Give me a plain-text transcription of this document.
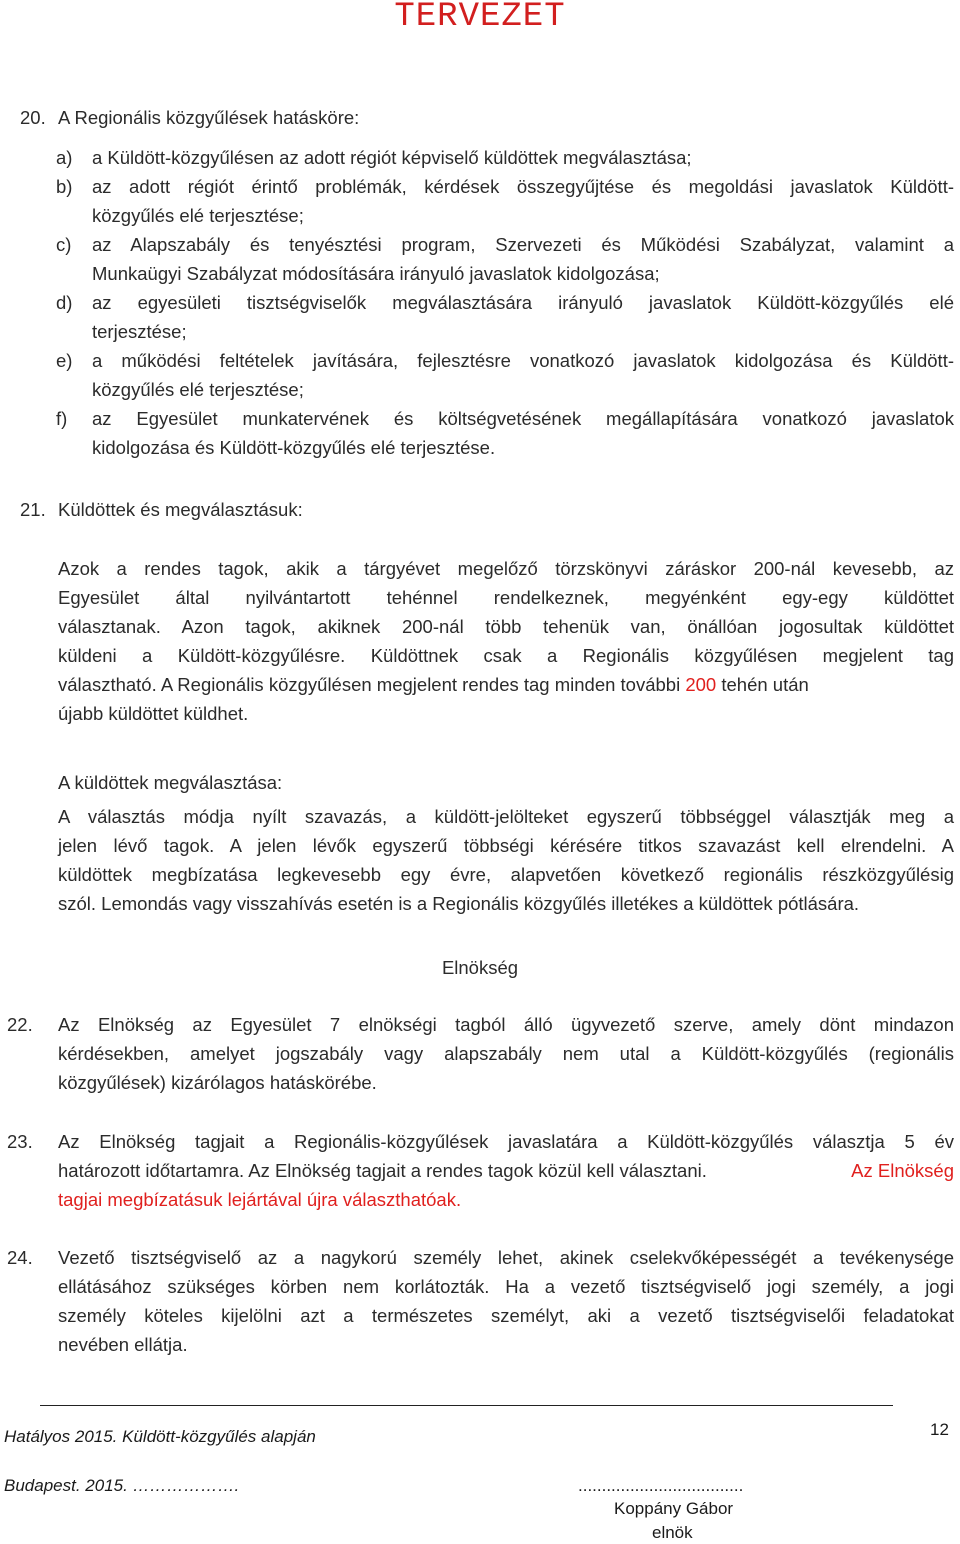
TERVEZET
20. A Regionális közgyűlések hatásköre:
a) a Küldött-közgyűlésen az adott régiót képviselő küldöttek megválasztása;
b) az adott régiót érintő problémák, kérdések összegyűjtése és megoldási javaslatok Küldött-
közgyűlés elé terjesztése;
c) az Alapszabály és tenyésztési program, Szervezeti és Működési Szabályzat, valamint a
Munkaügyi Szabályzat módosítására irányuló javaslatok kidolgozása;
d) az egyesületi tisztségviselők megválasztására irányuló javaslatok Küldött-közgyűlés elé
terjesztése;
e) a működési feltételek javítására, fejlesztésre vonatkozó javaslatok kidolgozása és Küldött-
közgyűlés elé terjesztése;
f) az Egyesület munkatervének és költségvetésének megállapítására vonatkozó javaslatok
kidolgozása és Küldött-közgyűlés elé terjesztése.
21. Küldöttek és megválasztásuk:
Azok a rendes tagok, akik a tárgyévet megelőző törzskönyvi záráskor 200-nál kevesebb, az
Egyesület által nyilvántartott tehénnel rendelkeznek, megyénként egy-egy küldöttet
választanak. Azon tagok, akiknek 200-nál több tehenük van, önállóan jogosultak küldöttet
küldeni a Küldött-közgyűlésre. Küldöttnek csak a Regionális közgyűlésen megjelent tag
választható. A Regionális közgyűlésen megjelent rendes tag minden további 200 tehén után
újabb küldöttet küldhet.
A küldöttek megválasztása:
A választás módja nyílt szavazás, a küldött-jelölteket egyszerű többséggel választják meg a
jelen lévő tagok. A jelen lévők egyszerű többségi kérésére titkos szavazást kell elrendelni. A
küldöttek megbízatása legkevesebb egy évre, alapvetően következő regionális részközgyűlésig
szól. Lemondás vagy visszahívás esetén is a Regionális közgyűlés illetékes a küldöttek pótlására.
Elnökség
22. Az Elnökség az Egyesület 7 elnökségi tagból álló ügyvezető szerve, amely dönt mindazon
kérdésekben, amelyet jogszabály vagy alapszabály nem utal a Küldött-közgyűlés (regionális
közgyűlések) kizárólagos hatáskörébe.
23. Az Elnökség tagjait a Regionális-közgyűlések javaslatára a Küldött-közgyűlés választja 5 év
határozott időtartamra. Az Elnökség tagjait a rendes tagok közül kell választani.	Az Elnökség
tagjai megbízatásuk lejártával újra választhatóak.
24. Vezető tisztségviselő az a nagykorú személy lehet, akinek cselekvőképességét a tevékenysége
ellátásához szükséges körben nem korlátozták. Ha a vezető tisztségviselő jogi személy, a jogi
személy köteles kijelölni azt a természetes személyt, aki a vezető tisztségviselői feladatokat
nevében ellátja.
Hatályos 2015. Küldött-közgyűlés alapján	12
Budapest. 2015. ……………….	...................................
Koppány Gábor
elnök
